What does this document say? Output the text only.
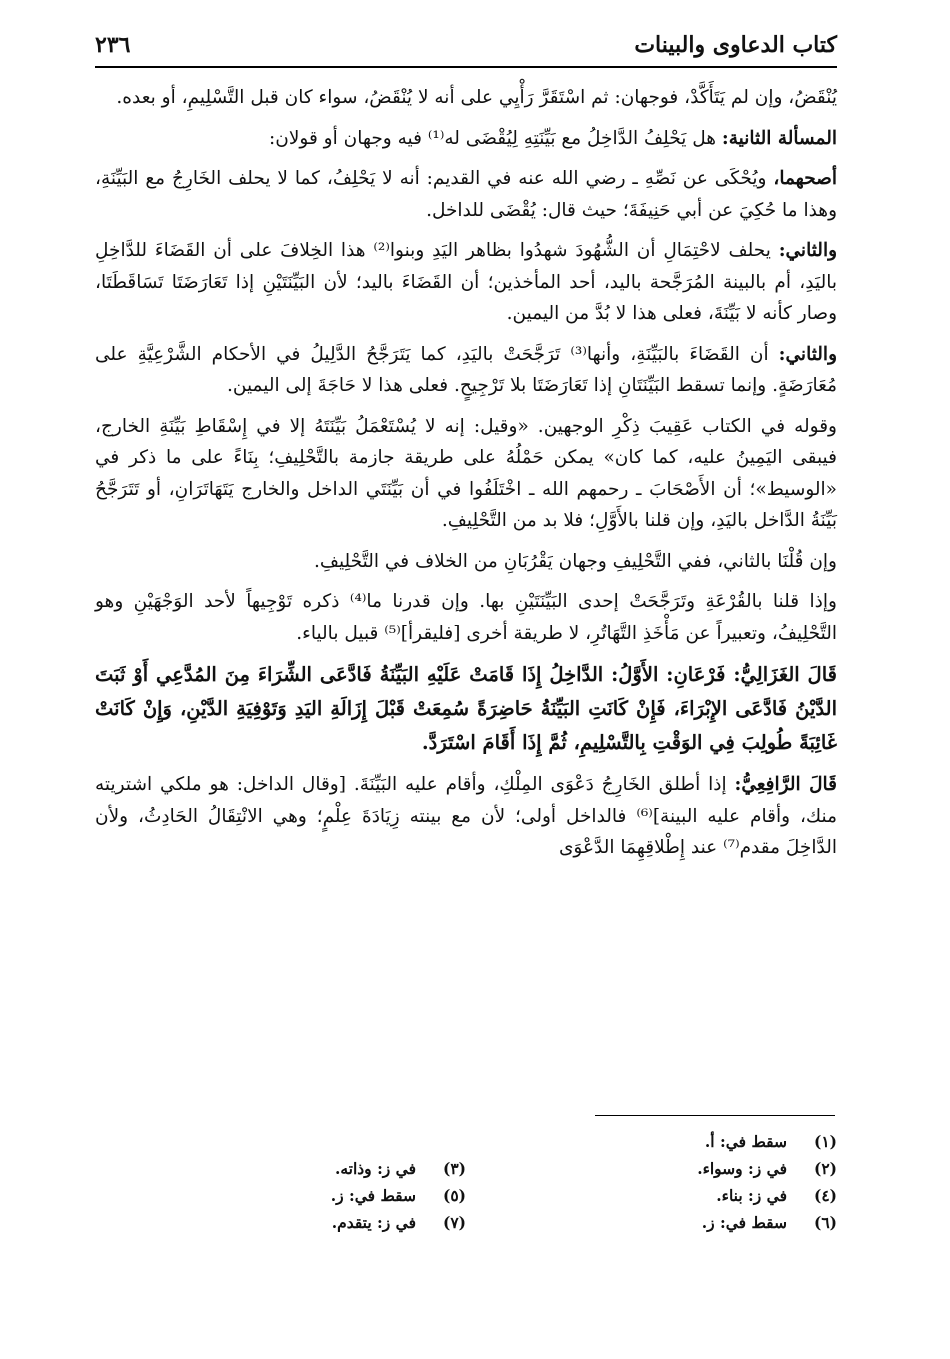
كتاب الدعاوى والبينات
٢٣٦

يُنْقَضُ، وإن لم يَتَأَكَّدْ، فوجهان: ثم اسْتَقَرَّ رَأْيِي على أنه لا يُنْقَضُ، سواء كان قبل التَّسْلِيمِ، أو بعده.

المسألة الثانية: هل يَحْلِفُ الدَّاخِلُ مع بَيِّنَتِهِ لِيُقْضَى له⁽¹⁾ فيه وجهان أو قولان:

أصحهما، ويُحْكَى عن نَصِّهِ ـ رضي الله عنه في القديم: أنه لا يَحْلِفُ، كما لا يحلف الخَارِجُ مع البَيِّنَةِ، وهذا ما حُكِيَ عن أبي حَنِيفَةَ؛ حيث قال: يُقْضَى للداخل.

والثاني: يحلف لاحْتِمَالِ أن الشُّهُودَ شهدُوا بظاهر اليَدِ وبنوا⁽²⁾ هذا الخِلافَ على أن القَضَاءَ للدَّاخِلِ باليَدِ، أم بالبينة المُرَجَّحة باليد، أحد المأخذين؛ أن القَضَاءَ باليد؛ لأن البَيِّنَتَيْنِ إذا تَعَارَضَتَا تَسَاقَطَتَا، وصار كأنه لا بَيِّنَةَ، فعلى هذا لا بُدَّ من اليمين.

والثاني: أن القَضَاءَ بالبَيِّنَةِ، وأنها⁽³⁾ تَرَجَّحَتْ باليَدِ، كما يَتَرَجَّحُ الدَّلِيلُ في الأحكام الشَّرْعِيَّةِ على مُعَارَضَةٍ. وإنما تسقط البَيِّنَتَانِ إذا تَعَارَضَتَا بلا تَرْجِيحٍ. فعلى هذا لا حَاجَةَ إلى اليمين.

وقوله في الكتاب عَقِيبَ ذِكْرِ الوجهين. «وقيل: إنه لا يُسْتَعْمَلُ بَيِّنَتَهُ إلا في إِسْقَاطِ بَيِّنَةِ الخارج، فيبقى اليَمِينُ عليه، كما كان» يمكن حَمْلُهُ على طريقة جازمة بالتَّحْلِيفِ؛ بِنَاءً على ما ذكر في «الوسيط»؛ أن الأَصْحَابَ ـ رحمهم الله ـ اخْتَلَفُوا في أن بَيِّنَتَي الداخل والخارج يَتَهَاتَرَانِ، أو تَتَرَجَّحُ بَيِّنَةُ الدَّاخل باليَدِ، وإن قلنا بالأَوَّلِ؛ فلا بد من التَّحْلِيفِ.

وإن قُلْنَا بالثاني، ففي التَّحْلِيفِ وجهان يَقْرُبَانِ من الخلاف في التَّحْلِيفِ.

وإذا قلنا بالقُرْعَةِ وتَرَجَّحَتْ إحدى البَيِّنَتَيْنِ بها. وإن قدرنا ما⁽⁴⁾ ذكره تَوْجِيهاً لأحد الوَجْهَيْنِ وهو التَّحْلِيفُ، وتعبيراً عن مَأْخَذِ التَّهَاتُرِ، لا طريقة أخرى [فليقرأ]⁽⁵⁾ قبيل بالياء.

قَالَ الغَزَالِيُّ: فَرْعَانِ: الأَوَّلُ: الدَّاخِلُ إِذَا قَامَتْ عَلَيْهِ البَيِّنَةُ فَادَّعَى الشِّرَاءَ مِنَ المُدَّعِي أَوْ ثَبَتَ الدَّيْنُ فَادَّعَى الإِبْرَاءَ، فَإِنْ كَانَتِ البَيِّنَةُ حَاضِرَةً سُمِعَتْ قَبْلَ إِزَالَةِ اليَدِ وَتَوْفِيَةِ الدَّيْنِ، وَإِنْ كَانَتْ غَائِبَةً طُولِبَ فِي الوَقْتِ بِالتَّسْلِيمِ، ثُمَّ إِذَا أَقَامَ اسْتَرَدَّ.

قَالَ الرَّافِعِيُّ: إذا أطلق الخَارِجُ دَعْوَى المِلْكِ، وأقام عليه البَيِّنَةَ. [وقال الداخل: هو ملكي اشتريته منك، وأقام عليه البينة]⁽⁶⁾ فالداخل أولى؛ لأن مع بينته زِيَادَةَ عِلْمٍ؛ وهي الانْتِقَالُ الحَادِثُ، ولأن الدَّاخِلَ مقدم⁽⁷⁾ عند إِطْلاقِهِمَا الدَّعْوَى

(١)
سقط في: أ.
(٢)
في ز: وسواء.
(٣)
في ز: وذاته.
(٤)
في ز: بناء.
(٥)
سقط في: ز.
(٦)
سقط في: ز.
(٧)
في ز: يتقدم.
